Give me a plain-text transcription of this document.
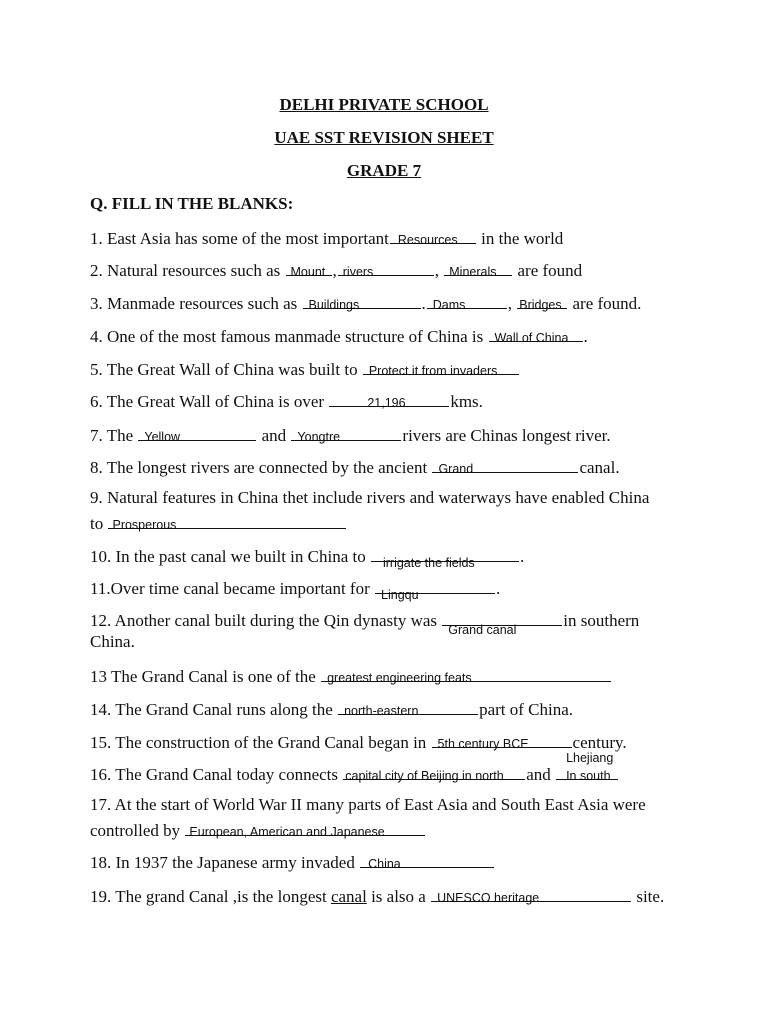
DELHI PRIVATE SCHOOL
UAE SST REVISION SHEET
GRADE 7
Q. FILL IN THE BLANKS:
1. East Asia has some of the most important Resources in the world
2. Natural resources such as Mount , rivers	, Minerals are found
3. Manmade resources such as Buildings	. Dams , Bridges are found.
4. One of the most famous manmade structure of China is Wall of China .
5. The Great Wall of China was built to Protect it from invaders
6. The Great Wall of China is over	21,196	kms.
7. The Yellow	and Yongtre	rivers are Chinas longest river.
8. The longest rivers are connected by the ancient Grand	canal.
9. Natural features in China thet include rivers and waterways have enabled China
to Prosperous
10. In the past canal we built in China to irrigate the fields	.
11.Over time canal became important for Lingqu	.
12. Another canal built during the Qin dynasty was Grand canal	in southern
China.
13 The Grand Canal is one of the greatest engineering feats
14. The Grand Canal runs along the north-eastern	part of China.
15. The construction of the Grand Canal began in 5th century BCE	century.
16. The Grand Canal today connects capital city of Beijing in north and
Lhejiang
In south
17. At the start of World War II many parts of East Asia and South East Asia were
controlled by European, American and Japanese
18. In 1937 the Japanese army invaded China
19. The grand Canal ,is the longest canal is also a UNESCO heritage	site.
